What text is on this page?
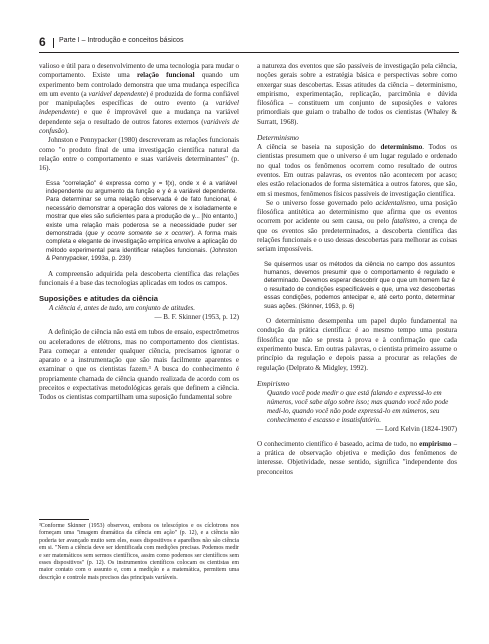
6 Parte I – Introdução e conceitos básicos

valioso e útil para o desenvolvimento de uma tecnologia para mudar o comportamento. Existe uma relação funcional quando um experimento bem controlado demonstra que uma mudança específica em um evento (a variável dependente) é produzida de forma confiável por manipulações específicas de outro evento (a variável independente) e que é improvável que a mudança na variável dependente seja o resultado de outros fatores externos (variáveis de confusão).

Johnston e Pennypacker (1980) descreveram as relações funcionais como "o produto final de uma investigação científica natural da relação entre o comportamento e suas variáveis determinantes" (p. 16).

Essa "correlação" é expressa como y = f(x), onde x é a variável independente ou argumento da função e y é a variável dependente. Para determinar se uma relação observada é de fato funcional, é necessário demonstrar a operação dos valores de x isoladamente e mostrar que eles são suficientes para a produção de y... [No entanto,] existe uma relação mais poderosa se a necessidade puder ser demonstrada (que y ocorre somente se x ocorrer). A forma mais completa e elegante de investigação empírica envolve a aplicação do método experimental para identificar relações funcionais. (Johnston & Pennypacker, 1993a, p. 239)

A compreensão adquirida pela descoberta científica das relações funcionais é a base das tecnologias aplicadas em todos os campos.

Suposições e atitudes da ciência
A ciência é, antes de tudo, um conjunto de atitudes.
— B. F. Skinner (1953, p. 12)

A definição de ciência não está em tubos de ensaio, espectrômetros ou aceleradores de elétrons, mas no comportamento dos cientistas. Para começar a entender qualquer ciência, precisamos ignorar o aparato e a instrumentação que são mais facilmente aparentes e examinar o que os cientistas fazem.³ A busca do conhecimento é propriamente chamada de ciência quando realizada de acordo com os preceitos e expectativas metodológicas gerais que definem a ciência. Todos os cientistas compartilham uma suposição fundamental sobre

³Conforme Skinner (1953) observou, embora os telescópios e os cíclotrons nos forneçam uma "imagem dramática da ciência em ação" (p. 12), e a ciência não poderia ter avançado muito sem eles, esses dispositivos e aparelhos não são ciência em si. "Nem a ciência deve ser identificada com medições precisas. Podemos medir e ser matemáticos sem sermos científicos, assim como podemos ser científicos sem esses dispositivos" (p. 12). Os instrumentos científicos colocam os cientistas em maior contato com o assunto e, com a medição e a matemática, permitem uma descrição e controle mais precisos das principais variáveis.

a natureza dos eventos que são passíveis de investigação pela ciência, noções gerais sobre a estratégia básica e perspectivas sobre como enxergar suas descobertas. Essas atitudes da ciência – determinismo, empirismo, experimentação, replicação, parcimônia e dúvida filosófica – constituem um conjunto de suposições e valores primordiais que guiam o trabalho de todos os cientistas (Whaley & Surratt, 1968).

Determinismo

A ciência se baseia na suposição do determinismo. Todos os cientistas presumem que o universo é um lugar regulado e ordenado no qual todos os fenômenos ocorrem como resultado de outros eventos. Em outras palavras, os eventos não acontecem por acaso; eles estão relacionados de forma sistemática a outros fatores, que são, em si mesmos, fenômenos físicos passíveis de investigação científica.

Se o universo fosse governado pelo acidentalismo, uma posição filosófica antitética ao determinismo que afirma que os eventos ocorrem por acidente ou sem causa, ou pelo fatalismo, a crença de que os eventos são predeterminados, a descoberta científica das relações funcionais e o uso dessas descobertas para melhorar as coisas seriam impossíveis.

Se quisermos usar os métodos da ciência no campo dos assuntos humanos, devemos presumir que o comportamento é regulado e determinado. Devemos esperar descobrir que o que um homem faz é o resultado de condições especificáveis e que, uma vez descobertas essas condições, podemos antecipar e, até certo ponto, determinar suas ações. (Skinner, 1953, p. 6)

O determinismo desempenha um papel duplo fundamental na condução da prática científica: é ao mesmo tempo uma postura filosófica que não se presta à prova e à confirmação que cada experimento busca. Em outras palavras, o cientista primeiro assume o princípio da regulação e depois passa a procurar as relações de regulação (Delprato & Midgley, 1992).

Empirismo
Quando você pode medir o que está falando e expressá-lo em números, você sabe algo sobre isso; mas quando você não pode medi-lo, quando você não pode expressá-lo em números, seu conhecimento é escasso e insatisfatório.
— Lord Kelvin (1824-1907)

O conhecimento científico é baseado, acima de tudo, no empirismo – a prática de observação objetiva e medição dos fenômenos de interesse. Objetividade, nesse sentido, significa "independente dos preconceitos
